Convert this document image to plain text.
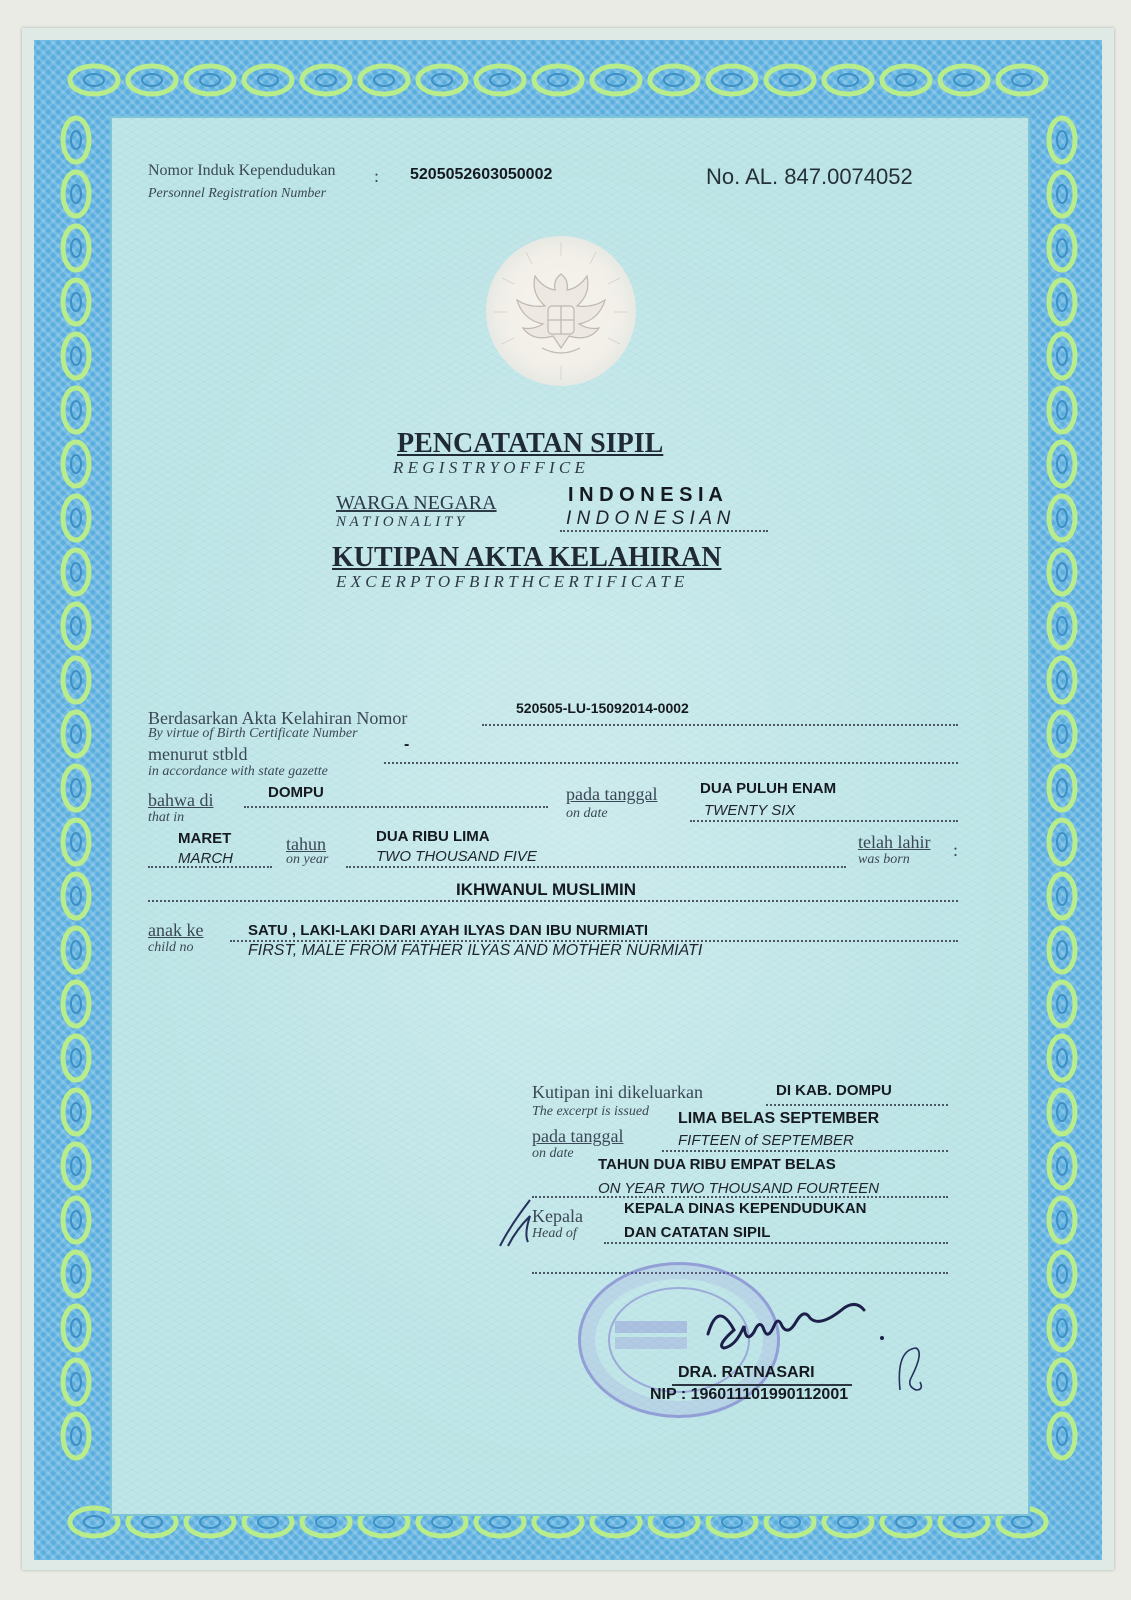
Nomor Induk Kependudukan
Personnel Registration Number
: 5205052603050002	No. AL. 847.0074052
PENCATATAN SIPIL
R E G I S T R Y O F F I C E
WARGA NEGARA
N A T I O N A L I T Y
I N D O N E S I A
I N D O N E S I A N
KUTIPAN AKTA KELAHIRAN
E X C E R P T O F B I R T H C E R T I F I C A T E
Berdasarkan Akta Kelahiran Nomor
By virtue of Birth Certificate Number
520505-LU-15092014-0002
menurut stbld
in accordance with state gazette
-
bahwa di
that in
DOMPU	pada tanggal
on date
DUA PULUH ENAM
TWENTY SIX
MARET
MARCH
tahun
on year
DUA RIBU LIMA
TWO THOUSAND FIVE
telah lahir
was born :
IKHWANUL MUSLIMIN
anak ke
child no
SATU , LAKI-LAKI DARI AYAH ILYAS DAN IBU NURMIATI
FIRST, MALE FROM FATHER ILYAS AND MOTHER NURMIATI
Kutipan ini dikeluarkan	DI KAB. DOMPU
The excerpt is issued LIMA BELAS SEPTEMBER
pada tanggal
on date
FIFTEEN of SEPTEMBER
TAHUN DUA RIBU EMPAT BELAS
ON YEAR TWO THOUSAND FOURTEEN
Kepala
Head of
KEPALA DINAS KEPENDUDUKAN
DAN CATATAN SIPIL
DRA. RATNASARI
NIP : 196011101990112001
